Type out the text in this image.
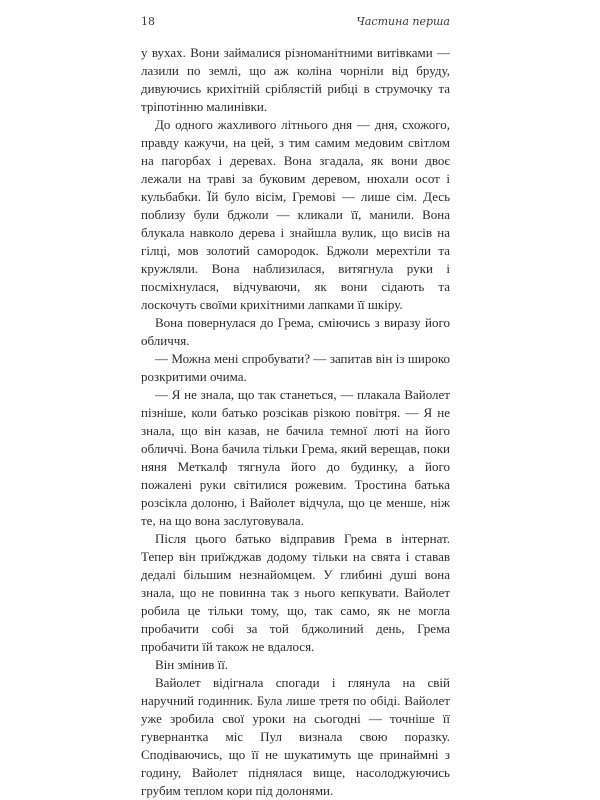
18	Частина перша

у вухах. Вони займалися різноманітними витівками — лазили по землі, що аж коліна чорніли від бруду, дивуючись крихітній сріблястій рибці в струмочку та тріпотінню малинівки.

До одного жахливого літнього дня — дня, схожого, правду кажучи, на цей, з тим самим медовим світлом на пагорбах і деревах. Вона згадала, як вони двоє лежали на траві за буковим деревом, нюхали осот і кульбабки. Їй було вісім, Гремові — лише сім. Десь поблизу були бджоли — кликали її, манили. Вона блукала навколо дерева і знайшла вулик, що висів на гілці, мов золотий самородок. Бджоли мерехтіли та кружляли. Вона наблизилася, витягнула руки і посміхнулася, відчуваючи, як вони сідають та лоскочуть своїми крихітними лапками її шкіру.

Вона повернулася до Грема, сміючись з виразу його обличчя.

— Можна мені спробувати? — запитав він із широко розкритими очима.

— Я не знала, що так станеться, — плакала Вайолет пізніше, коли батько розсікав різкою повітря. — Я не знала, що він казав, не бачила темної люті на його обличчі. Вона бачила тільки Грема, який верещав, поки няня Меткалф тягнула його до будинку, а його пожалені руки світилися рожевим. Тростина батька розсікла долоню, і Вайолет відчула, що це менше, ніж те, на що вона заслуговувала.

Після цього батько відправив Грема в інтернат. Тепер він приїжджав додому тільки на свята і ставав дедалі більшим незнайомцем. У глибині душі вона знала, що не повинна так з нього кепкувати. Вайолет робила це тільки тому, що, так само, як не могла пробачити собі за той бджолиний день, Грема пробачити їй також не вдалося.

Він змінив її.

Вайолет відігнала спогади і глянула на свій наручний годинник. Була лише третя по обіді. Вайолет уже зробила свої уроки на сьогодні — точніше її гувернантка міс Пул визнала свою поразку. Сподіваючись, що її не шукатимуть ще принаймні з годину, Вайолет піднялася вище, насолоджуючись грубим теплом кори під долонями.
